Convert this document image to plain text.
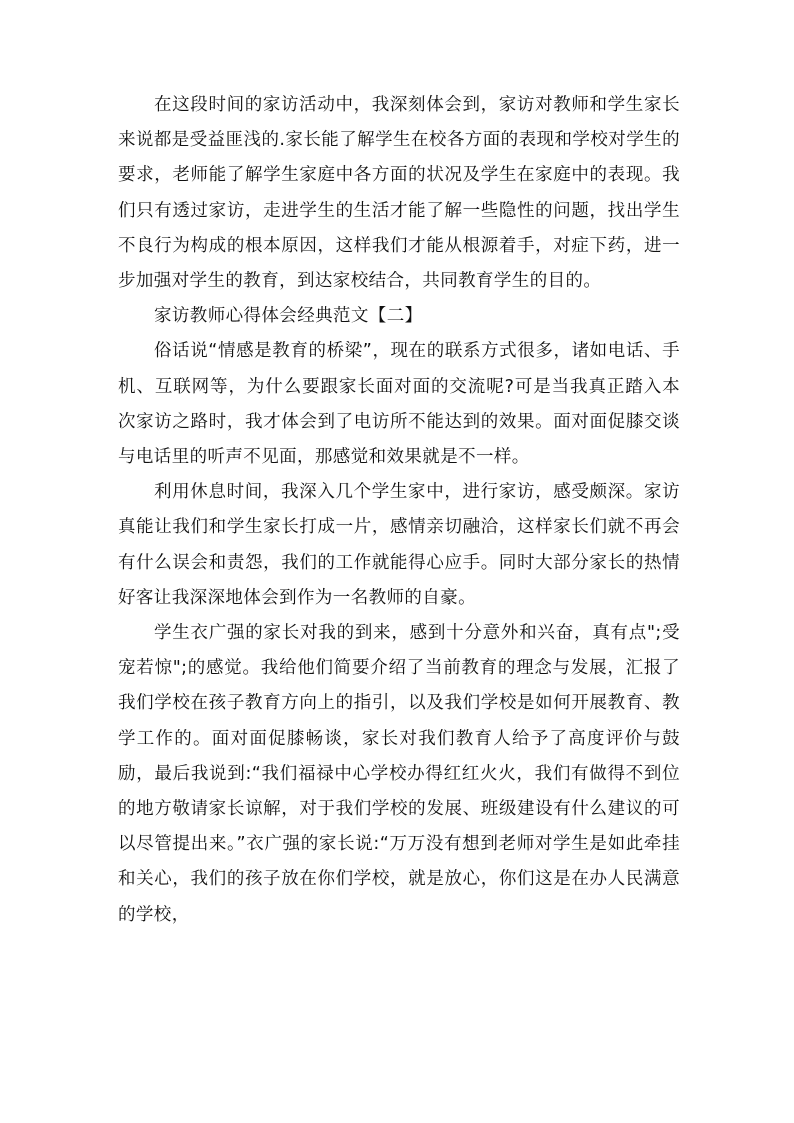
在这段时间的家访活动中，我深刻体会到，家访对教师和学生家长来说都是受益匪浅的.家长能了解学生在校各方面的表现和学校对学生的要求，老师能了解学生家庭中各方面的状况及学生在家庭中的表现。我们只有透过家访，走进学生的生活才能了解一些隐性的问题，找出学生不良行为构成的根本原因，这样我们才能从根源着手，对症下药，进一步加强对学生的教育，到达家校结合，共同教育学生的目的。

家访教师心得体会经典范文【二】

俗话说“情感是教育的桥梁”，现在的联系方式很多，诸如电话、手机、互联网等，为什么要跟家长面对面的交流呢?可是当我真正踏入本次家访之路时，我才体会到了电访所不能达到的效果。面对面促膝交谈与电话里的听声不见面，那感觉和效果就是不一样。

利用休息时间，我深入几个学生家中，进行家访，感受颇深。家访真能让我们和学生家长打成一片，感情亲切融洽，这样家长们就不再会有什么误会和责怨，我们的工作就能得心应手。同时大部分家长的热情好客让我深深地体会到作为一名教师的自豪。

学生衣广强的家长对我的到来，感到十分意外和兴奋，真有点";受宠若惊";的感觉。我给他们简要介绍了当前教育的理念与发展，汇报了我们学校在孩子教育方向上的指引，以及我们学校是如何开展教育、教学工作的。面对面促膝畅谈，家长对我们教育人给予了高度评价与鼓励，最后我说到:“我们福禄中心学校办得红红火火，我们有做得不到位的地方敬请家长谅解，对于我们学校的发展、班级建设有什么建议的可以尽管提出来。”衣广强的家长说:“万万没有想到老师对学生是如此牵挂和关心，我们的孩子放在你们学校，就是放心，你们这是在办人民满意的学校，
